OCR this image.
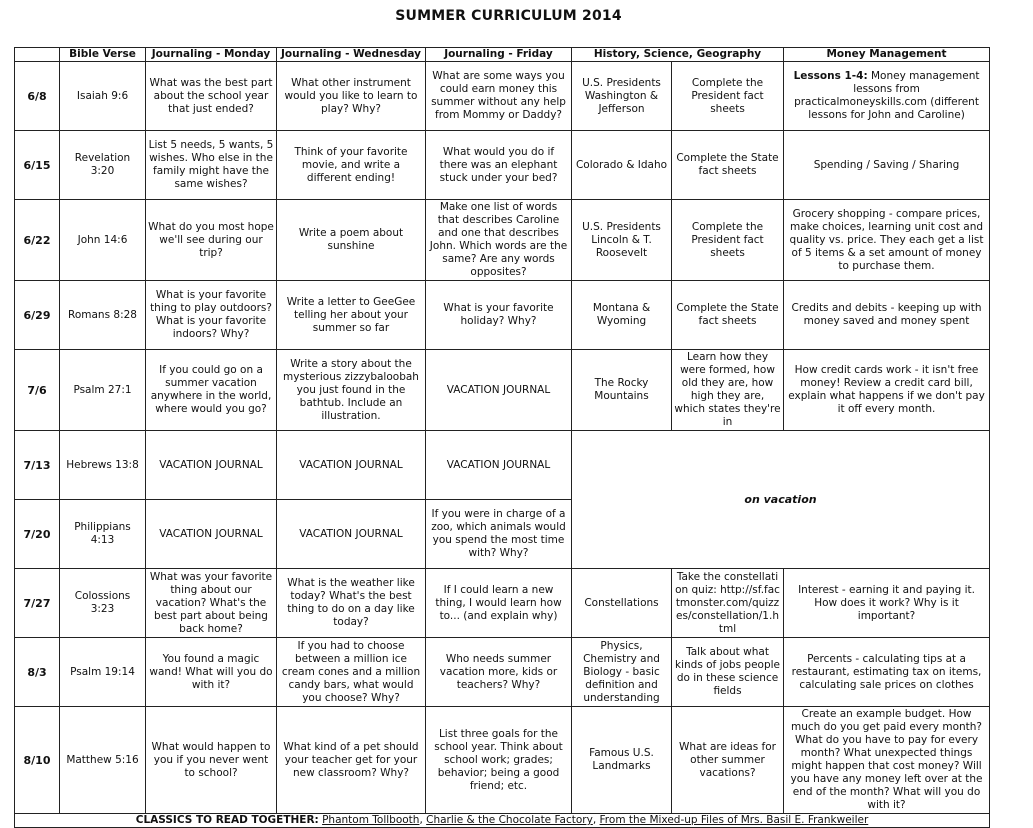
SUMMER CURRICULUM 2014
	Bible Verse	Journaling - Monday	Journaling - Wednesday	Journaling - Friday	History, Science, Geography		Money Management
6/8	Isaiah 9:6	What was the best part about the school year that just ended?	What other instrument would you like to learn to play? Why?	What are some ways you could earn money this summer without any help from Mommy or Daddy?	U.S. Presidents Washington & Jefferson	Complete the President fact sheets	Lessons 1-4: Money management lessons from practicalmoneyskills.com (different lessons for John and Caroline)
6/15	Revelation 3:20	List 5 needs, 5 wants, 5 wishes. Who else in the family might have the same wishes?	Think of your favorite movie, and write a different ending!	What would you do if there was an elephant stuck under your bed?	Colorado & Idaho	Complete the State fact sheets	Spending / Saving / Sharing
6/22	John 14:6	What do you most hope we'll see during our trip?	Write a poem about sunshine	Make one list of words that describes Caroline and one that describes John. Which words are the same? Are any words opposites?	U.S. Presidents Lincoln & T. Roosevelt	Complete the President fact sheets	Grocery shopping - compare prices, make choices, learning unit cost and quality vs. price. They each get a list of 5 items & a set amount of money to purchase them.
6/29	Romans 8:28	What is your favorite thing to play outdoors? What is your favorite indoors? Why?	Write a letter to GeeGee telling her about your summer so far	What is your favorite holiday? Why?	Montana & Wyoming	Complete the State fact sheets	Credits and debits - keeping up with money saved and money spent
7/6	Psalm 27:1	If you could go on a summer vacation anywhere in the world, where would you go?	Write a story about the mysterious zizzybaloobah you just found in the bathtub. Include an illustration.	VACATION JOURNAL	The Rocky Mountains	Learn how they were formed, how old they are, how high they are, which states they're in	How credit cards work - it isn't free money! Review a credit card bill, explain what happens if we don't pay it off every month.
7/13	Hebrews 13:8	VACATION JOURNAL	VACATION JOURNAL	VACATION JOURNAL	on vacation		
7/20	Philippians 4:13	VACATION JOURNAL	VACATION JOURNAL	If you were in charge of a zoo, which animals would you spend the most time with? Why?			
7/27	Colossions 3:23	What was your favorite thing about our vacation? What's the best part about being back home?	What is the weather like today? What's the best thing to do on a day like today?	If I could learn a new thing, I would learn how to... (and explain why)	Constellations	Take the constellation quiz: http://sf.factmonster.com/quizzes/constellation/1.html	Interest - earning it and paying it. How does it work? Why is it important?
8/3	Psalm 19:14	You found a magic wand! What will you do with it?	If you had to choose between a million ice cream cones and a million candy bars, what would you choose? Why?	Who needs summer vacation more, kids or teachers? Why?	Physics, Chemistry and Biology - basic definition and understanding	Talk about what kinds of jobs people do in these science fields	Percents - calculating tips at a restaurant, estimating tax on items, calculating sale prices on clothes
8/10	Matthew 5:16	What would happen to you if you never went to school?	What kind of a pet should your teacher get for your new classroom? Why?	List three goals for the school year. Think about school work; grades; behavior; being a good friend; etc.	Famous U.S. Landmarks	What are ideas for other summer vacations?	Create an example budget. How much do you get paid every month? What do you have to pay for every month? What unexpected things might happen that cost money? Will you have any money left over at the end of the month? What will you do with it?
CLASSICS TO READ TOGETHER: Phantom Tollbooth, Charlie & the Chocolate Factory, From the Mixed-up Files of Mrs. Basil E. Frankweiler							
